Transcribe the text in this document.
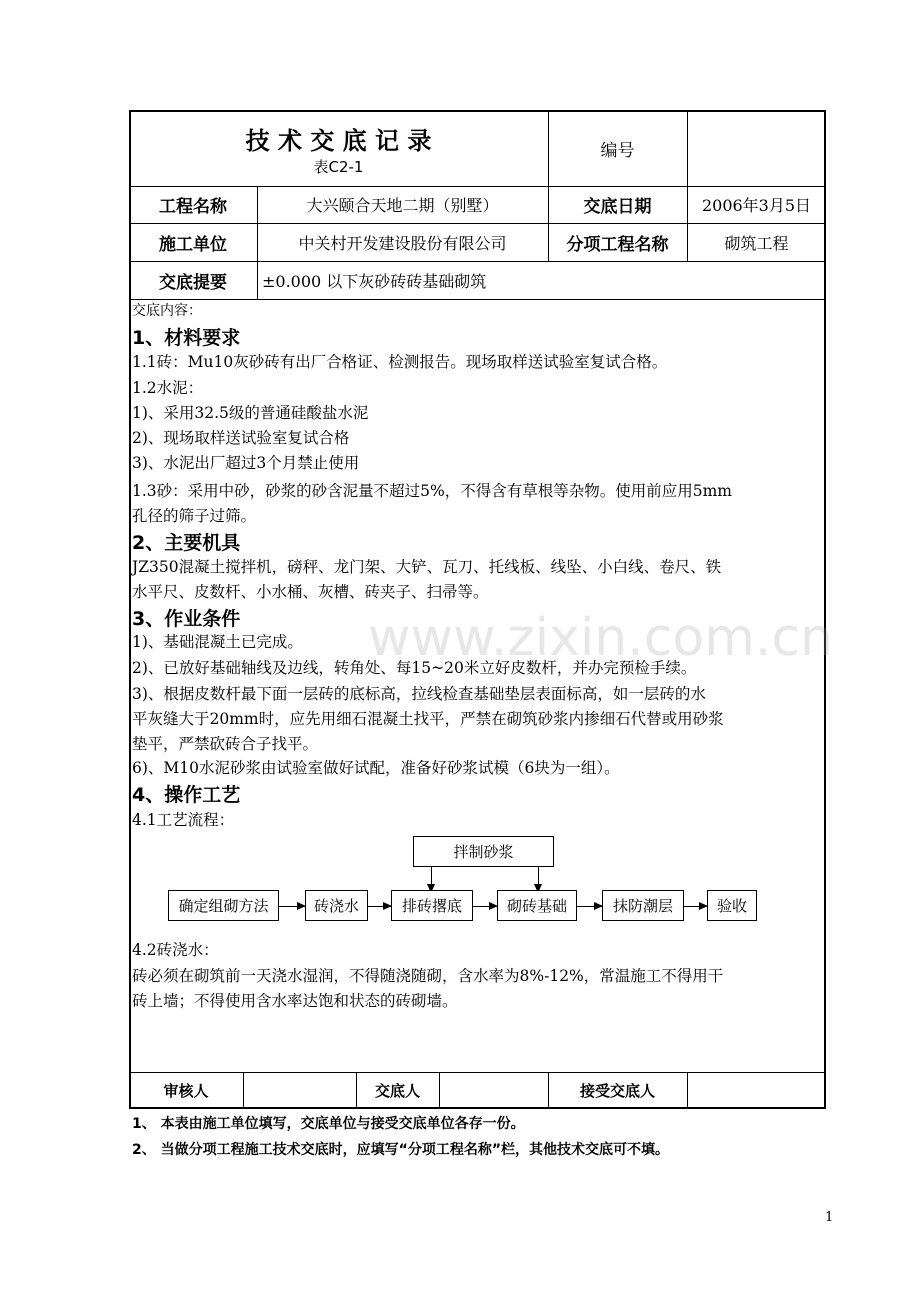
技 术 交 底 记 录
表C2-1
编号
工程名称	大兴颐合天地二期（别墅）	交底日期	2006年3月5日
施工单位	中关村开发建设股份有限公司	分项工程名称	砌筑工程
交底提要	±0.000 以下灰砂砖砖基础砌筑
交底内容：
1、材料要求
1.1砖：Mu10灰砂砖有出厂合格证、检测报告。现场取样送试验室复试合格。
1.2水泥：
1)、采用32.5级的普通硅酸盐水泥
2)、现场取样送试验室复试合格
3)、水泥出厂超过3个月禁止使用
1.3砂：采用中砂，砂浆的砂含泥量不超过5%，不得含有草根等杂物。使用前应用5mm
孔径的筛子过筛。
2、主要机具
JZ350混凝土搅拌机，磅秤、龙门架、大铲、瓦刀、托线板、线坠、小白线、卷尺、铁
水平尺、皮数杆、小水桶、灰槽、砖夹子、扫帚等。
3、作业条件
1)、基础混凝土已完成。
2)、已放好基础轴线及边线，转角处、每15~20米立好皮数杆，并办完预检手续。
3)、根据皮数杆最下面一层砖的底标高，拉线检查基础垫层表面标高，如一层砖的水
平灰缝大于20mm时，应先用细石混凝土找平，严禁在砌筑砂浆内掺细石代替或用砂浆
垫平，严禁砍砖合子找平。
6)、M10水泥砂浆由试验室做好试配，准备好砂浆试模（6块为一组）。
4、操作工艺
4.1工艺流程：
拌制砂浆
确定组砌方法	砖浇水	排砖撂底	砌砖基础	抹防潮层	验收
4.2砖浇水：
砖必须在砌筑前一天浇水湿润，不得随浇随砌，含水率为8%-12%，常温施工不得用干
砖上墙；不得使用含水率达饱和状态的砖砌墙。
审核人	交底人	接受交底人
1、 本表由施工单位填写，交底单位与接受交底单位各存一份。
2、 当做分项工程施工技术交底时，应填写“分项工程名称”栏，其他技术交底可不填。
www.zixin.com.cn
1
